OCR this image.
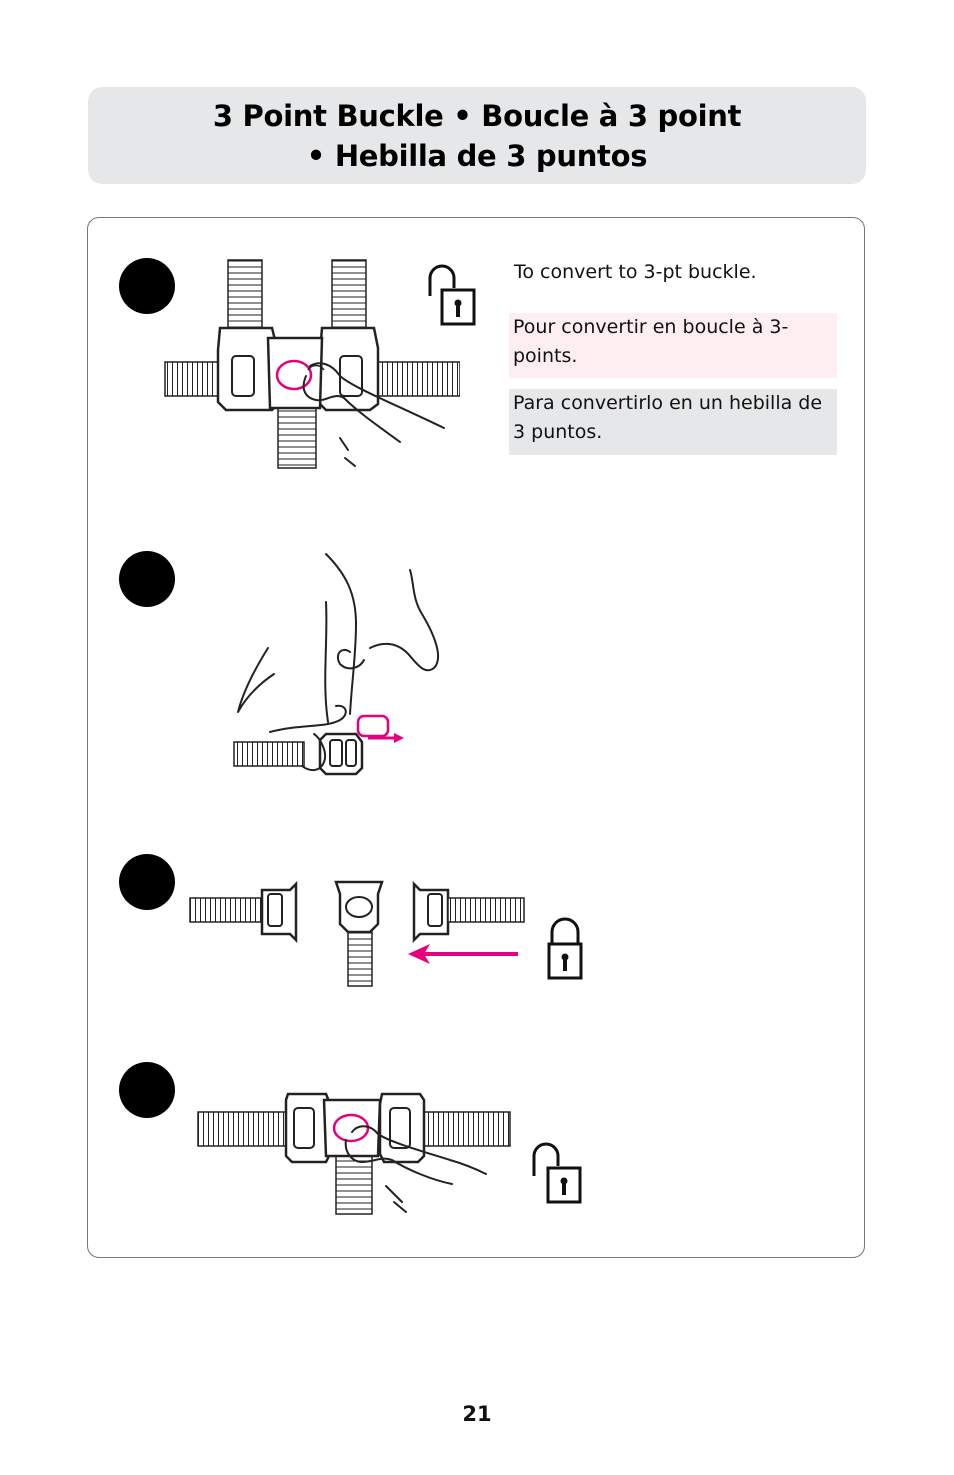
3 Point Buckle • Boucle à 3 point
• Hebilla de 3 puntos
To convert to 3-pt buckle.
Pour convertir en boucle à 3-points.
Para convertirlo en un hebilla de 3 puntos.
21
